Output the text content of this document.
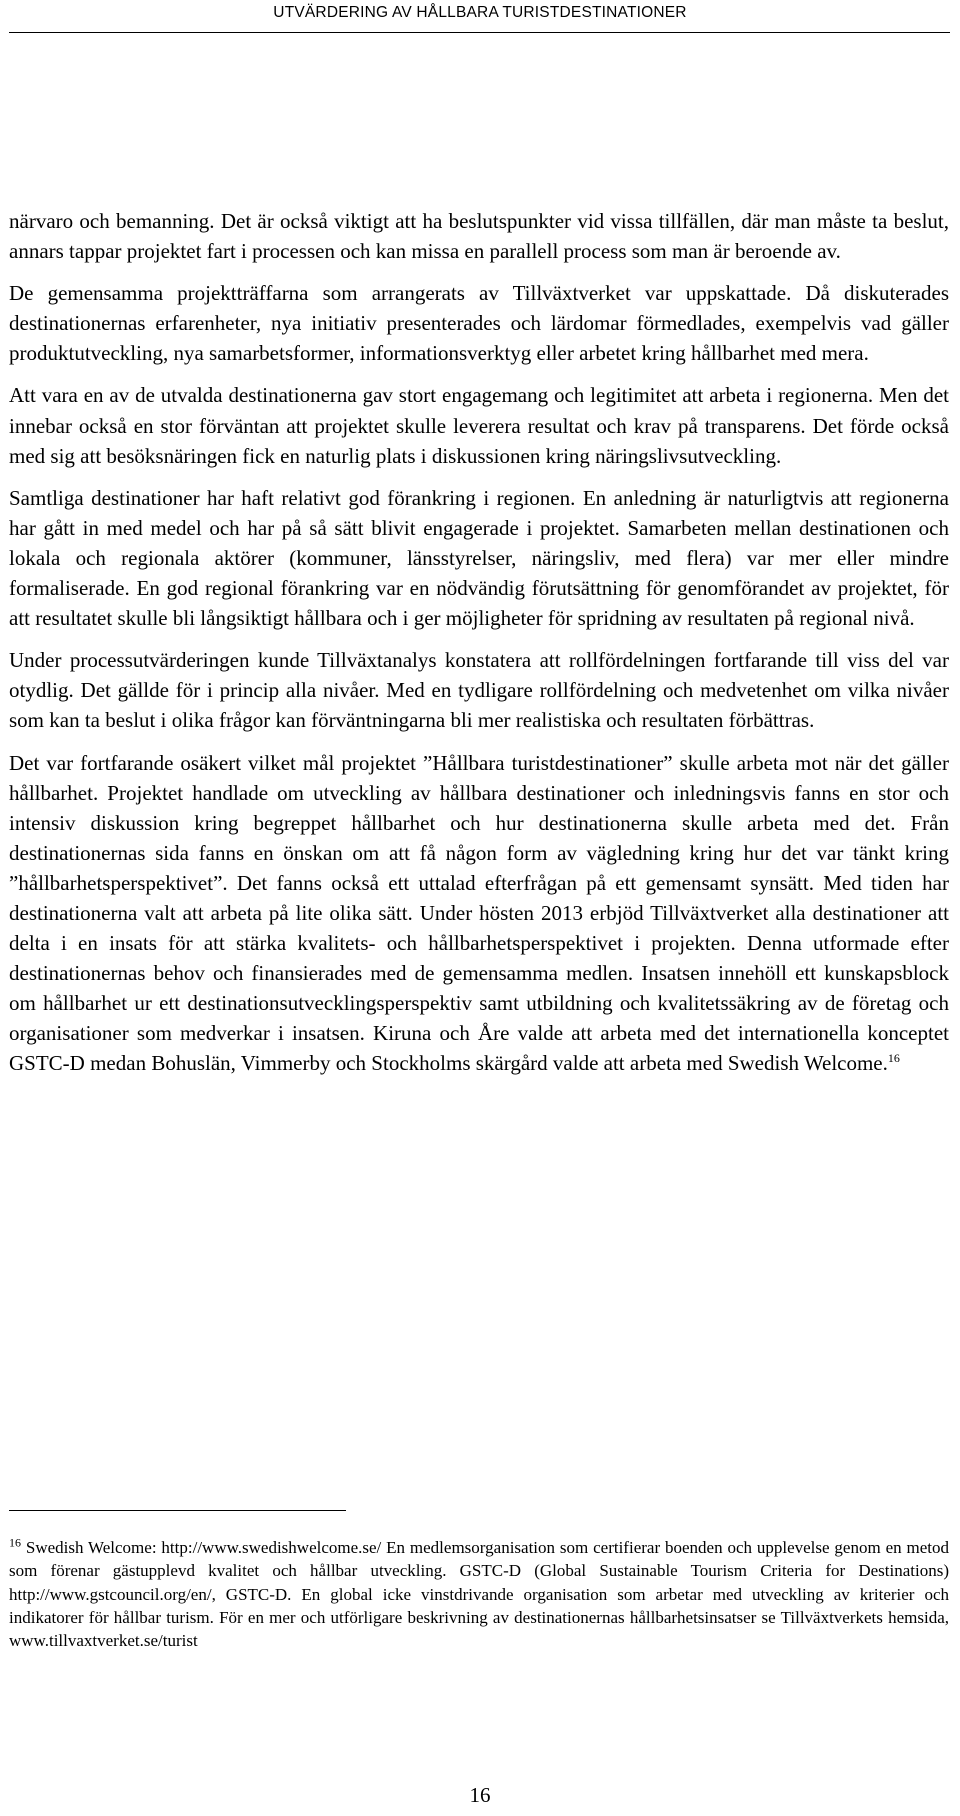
UTVÄRDERING AV HÅLLBARA TURISTDESTINATIONER

närvaro och bemanning. Det är också viktigt att ha beslutspunkter vid vissa tillfällen, där man måste ta beslut, annars tappar projektet fart i processen och kan missa en parallell process som man är beroende av.

De gemensamma projektträffarna som arrangerats av Tillväxtverket var uppskattade. Då diskuterades destinationernas erfarenheter, nya initiativ presenterades och lärdomar förmedlades, exempelvis vad gäller produktutveckling, nya samarbetsformer, informationsverktyg eller arbetet kring hållbarhet med mera.

Att vara en av de utvalda destinationerna gav stort engagemang och legitimitet att arbeta i regionerna. Men det innebar också en stor förväntan att projektet skulle leverera resultat och krav på transparens. Det förde också med sig att besöksnäringen fick en naturlig plats i diskussionen kring näringslivsutveckling.

Samtliga destinationer har haft relativt god förankring i regionen. En anledning är naturligtvis att regionerna har gått in med medel och har på så sätt blivit engagerade i projektet. Samarbeten mellan destinationen och lokala och regionala aktörer (kommuner, länsstyrelser, näringsliv, med flera) var mer eller mindre formaliserade. En god regional förankring var en nödvändig förutsättning för genomförandet av projektet, för att resultatet skulle bli långsiktigt hållbara och i ger möjligheter för spridning av resultaten på regional nivå.

Under processutvärderingen kunde Tillväxtanalys konstatera att rollfördelningen fortfarande till viss del var otydlig. Det gällde för i princip alla nivåer. Med en tydligare rollfördelning och medvetenhet om vilka nivåer som kan ta beslut i olika frågor kan förväntningarna bli mer realistiska och resultaten förbättras.

Det var fortfarande osäkert vilket mål projektet ”Hållbara turistdestinationer” skulle arbeta mot när det gäller hållbarhet. Projektet handlade om utveckling av hållbara destinationer och inledningsvis fanns en stor och intensiv diskussion kring begreppet hållbarhet och hur destinationerna skulle arbeta med det. Från destinationernas sida fanns en önskan om att få någon form av vägledning kring hur det var tänkt kring ”hållbarhetsperspektivet”. Det fanns också ett uttalad efterfrågan på ett gemensamt synsätt. Med tiden har destinationerna valt att arbeta på lite olika sätt. Under hösten 2013 erbjöd Tillväxtverket alla destinationer att delta i en insats för att stärka kvalitets- och hållbarhetsperspektivet i projekten. Denna utformade efter destinationernas behov och finansierades med de gemensamma medlen. Insatsen innehöll ett kunskapsblock om hållbarhet ur ett destinationsutvecklingsperspektiv samt utbildning och kvalitetssäkring av de företag och organisationer som medverkar i insatsen. Kiruna och Åre valde att arbeta med det internationella konceptet GSTC-D medan Bohuslän, Vimmerby och Stockholms skärgård valde att arbeta med Swedish Welcome.$^{16}$

$^{16}$ Swedish Welcome: http://www.swedishwelcome.se/ En medlemsorganisation som certifierar boenden och upplevelse genom en metod som förenar gästupplevd kvalitet och hållbar utveckling. GSTC-D (Global Sustainable Tourism Criteria for Destinations) http://www.gstcouncil.org/en/, GSTC-D. En global icke vinstdrivande organisation som arbetar med utveckling av kriterier och indikatorer för hållbar turism. För en mer och utförligare beskrivning av destinationernas hållbarhetsinsatser se Tillväxtverkets hemsida, www.tillvaxtverket.se/turist
16
